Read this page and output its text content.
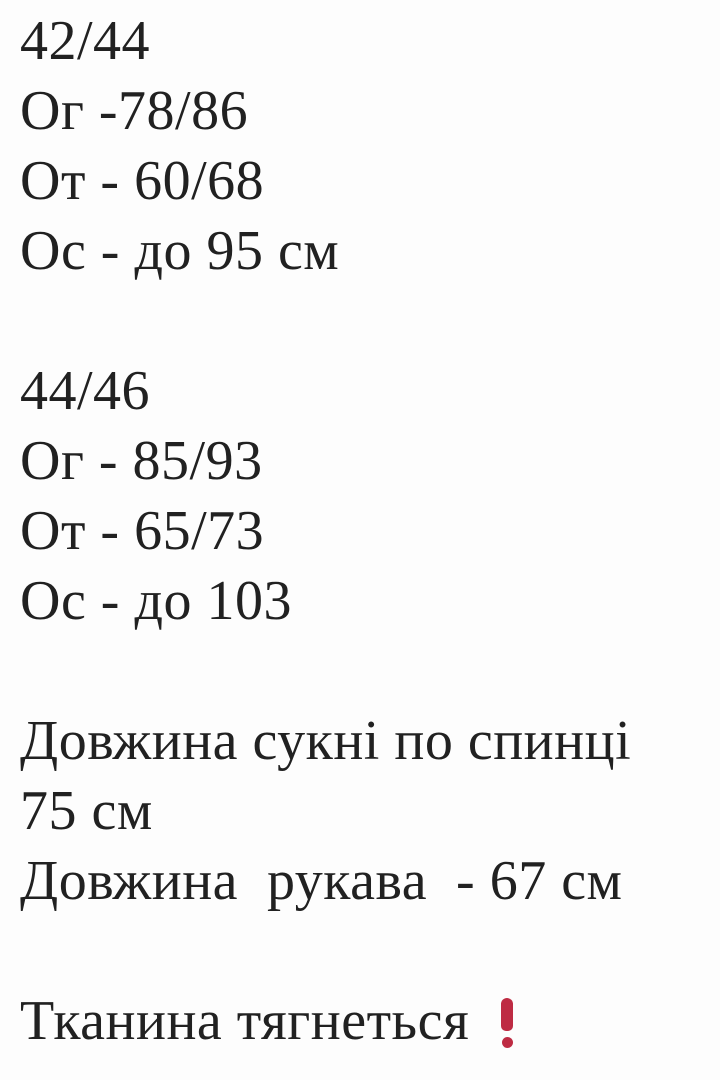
42/44
Ог -78/86
От - 60/68
Ос - до 95 см
44/46
Ог - 85/93
От - 65/73
Ос - до 103
Довжина сукні по спинці
75 см
Довжина  рукава  - 67 см
Тканина тягнеться
